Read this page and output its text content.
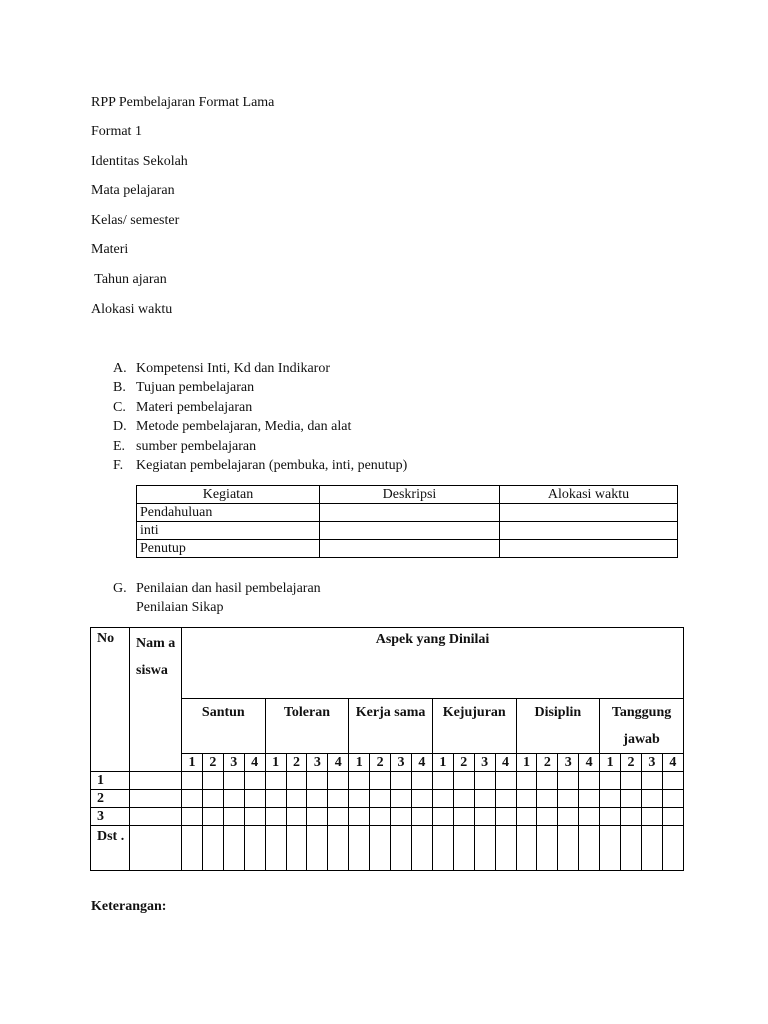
RPP Pembelajaran Format Lama
Format 1
Identitas Sekolah
Mata pelajaran
Kelas/ semester
Materi
Tahun ajaran
Alokasi waktu
A. Kompetensi Inti, Kd dan Indikaror
B. Tujuan pembelajaran
C. Materi pembelajaran
D. Metode pembelajaran, Media, dan alat
E. sumber pembelajaran
F. Kegiatan pembelajaran (pembuka, inti, penutup)
Kegiatan	Deskripsi	Alokasi waktu
Pendahuluan		
inti		
Penutup		
G. Penilaian dan hasil pembelajaran
Penilaian Sikap
No	Nam a siswa	Aspek yang Dinilai																							
		Santun				Toleran				Kerja sama				Kejujuran				Disiplin				Tanggung jawab			
		1	2	3	4	1	2	3	4	1	2	3	4	1	2	3	4	1	2	3	4	1	2	3	4
1																									
2																									
3																									
Dst .																									
Keterangan:
